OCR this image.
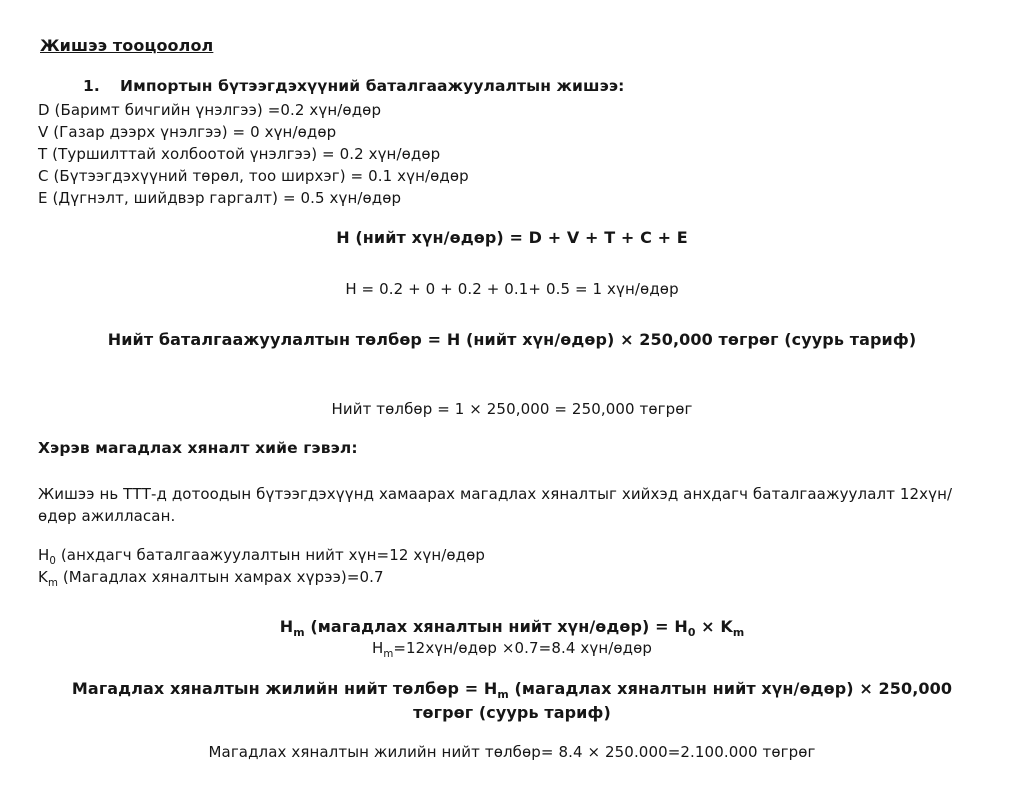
Жишээ тооцоолол
1. Импортын бүтээгдэхүүний баталгаажуулалтын жишээ:
D (Баримт бичгийн үнэлгээ) =0.2 хүн/өдөр
V (Газар дээрх үнэлгээ) = 0 хүн/өдөр
T (Туршилттай холбоотой үнэлгээ) = 0.2 хүн/өдөр
C (Бүтээгдэхүүний төрөл, тоо ширхэг) = 0.1 хүн/өдөр
E (Дүгнэлт, шийдвэр гаргалт) = 0.5 хүн/өдөр
H (нийт хүн/өдөр) = D + V + T + C + E
H = 0.2 + 0 + 0.2 + 0.1+ 0.5 = 1 хүн/өдөр
Нийт баталгаажуулалтын төлбөр = H (нийт хүн/өдөр) × 250,000 төгрөг (суурь тариф)
Нийт төлбөр = 1 × 250,000 = 250,000 төгрөг
Хэрэв магадлах хяналт хийе гэвэл:
Жишээ нь ТТТ-д дотоодын бүтээгдэхүүнд хамаарах магадлах хяналтыг хийхэд анхдагч баталгаажуулалт 12хүн/өдөр ажилласан.
$H_0$ (анхдагч баталгаажуулалтын нийт хүн=12 хүн/өдөр
$K_m$ (Магадлах хяналтын хамрах хүрээ)=0.7
$H_m$ (магадлах хяналтын нийт хүн/өдөр) = $H_0 \times K_m$
$H_m=12хүн$/өдөр ×0.7=8.4 хүн/өдөр
Магадлах хяналтын жилийн нийт төлбөр = $H_m$ (магадлах хяналтын нийт хүн/өдөр) × 250,000 төгрөг (суурь тариф)
Магадлах хяналтын жилийн нийт төлбөр= 8.4 × 250.000=2.100.000 төгрөг
